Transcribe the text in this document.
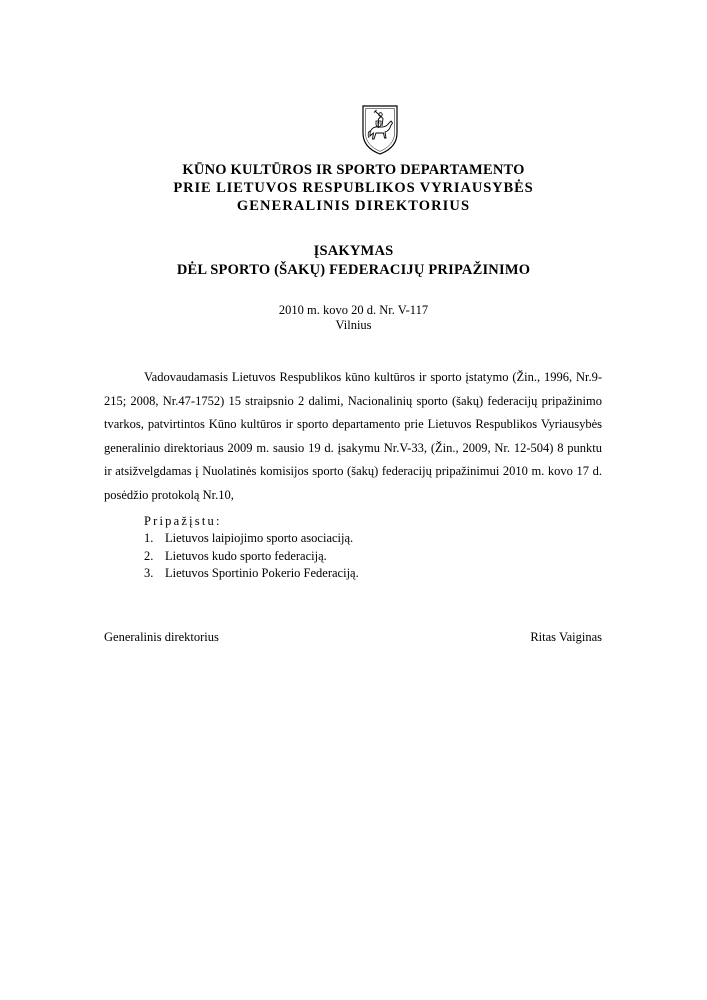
KŪNO KULTŪROS IR SPORTO DEPARTAMENTO
PRIE LIETUVOS RESPUBLIKOS VYRIAUSYBĖS
GENERALINIS DIREKTORIUS
ĮSAKYMAS
DĖL SPORTO (ŠAKŲ) FEDERACIJŲ PRIPAŽINIMO
2010 m. kovo 20 d. Nr. V-117
Vilnius
Vadovaudamasis Lietuvos Respublikos kūno kultūros ir sporto įstatymo (Žin., 1996, Nr.9-215; 2008, Nr.47-1752) 15 straipsnio 2 dalimi, Nacionalinių sporto (šakų) federacijų pripažinimo tvarkos, patvirtintos Kūno kultūros ir sporto departamento prie Lietuvos Respublikos Vyriausybės generalinio direktoriaus 2009 m. sausio 19 d. įsakymu Nr.V-33, (Žin., 2009, Nr. 12-504) 8 punktu ir atsižvelgdamas į Nuolatinės komisijos sporto (šakų) federacijų pripažinimui 2010 m. kovo 17 d. posėdžio protokolą Nr.10,
Pripažįstu:
1. Lietuvos laipiojimo sporto asociaciją.
2. Lietuvos kudo sporto federaciją.
3. Lietuvos Sportinio Pokerio Federaciją.
Generalinis direktorius	Ritas Vaiginas
